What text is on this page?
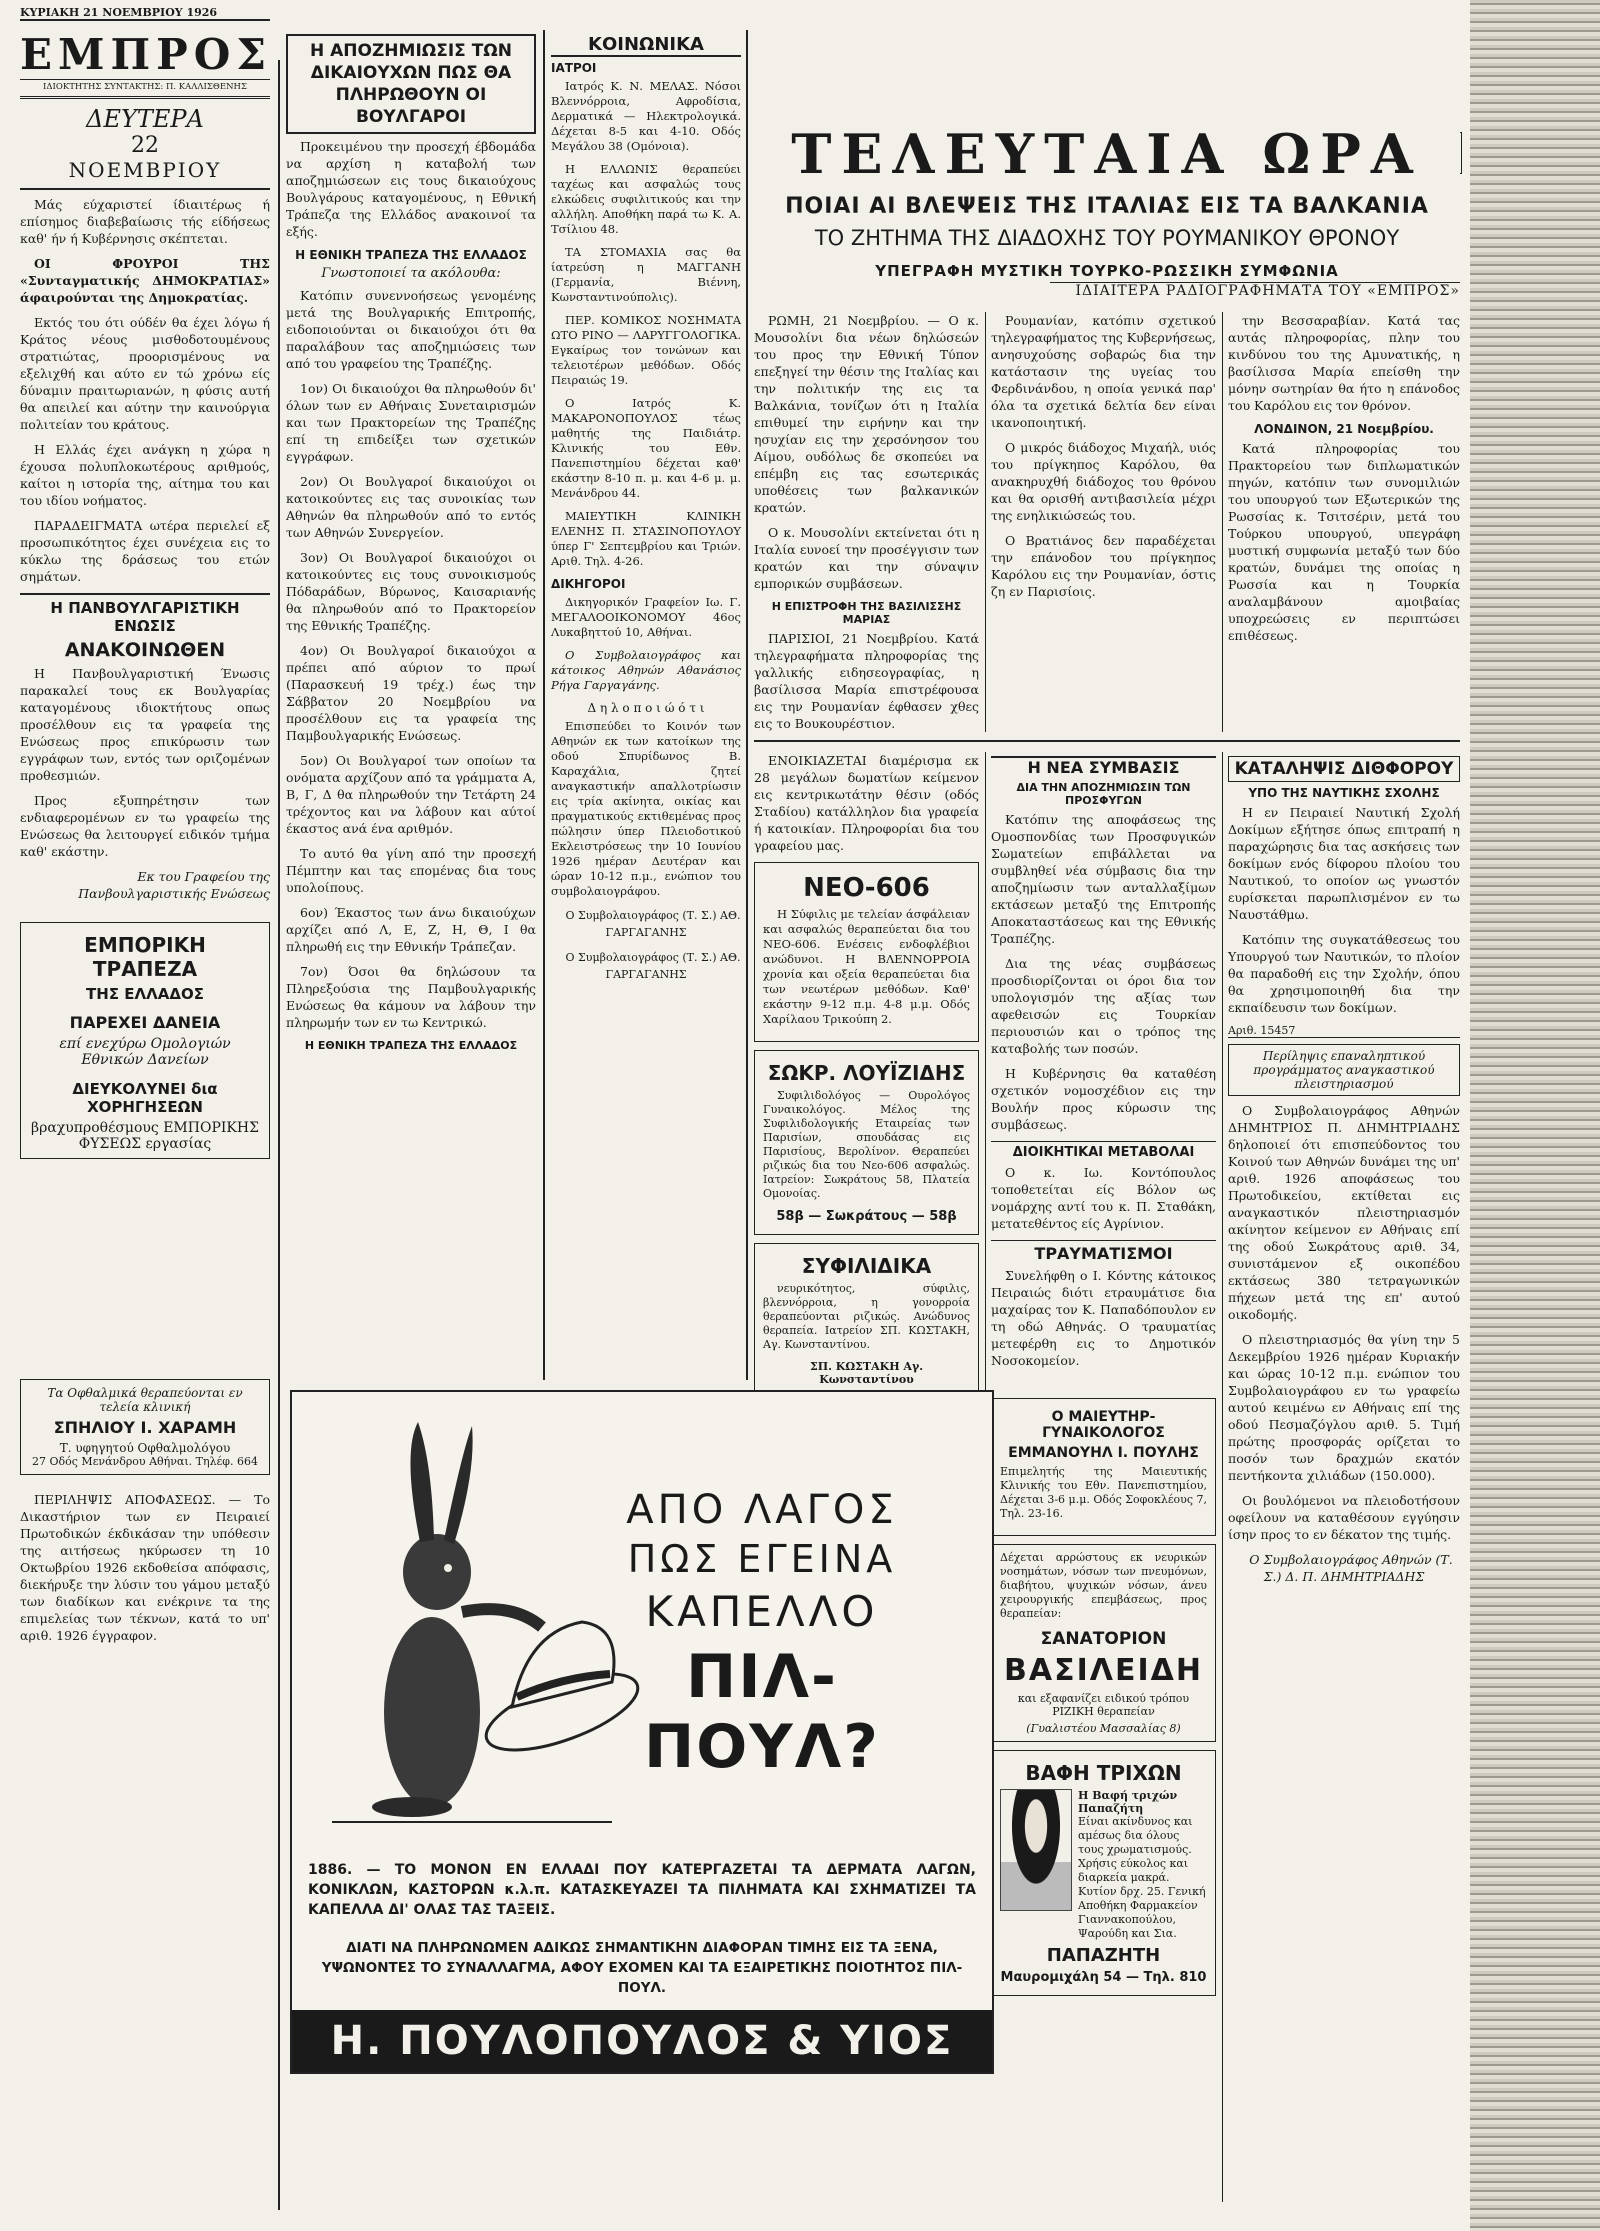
ΚΥΡΙΑΚΗ 21 ΝΟΕΜΒΡΙΟΥ 1926
ΕΜΠΡΟΣ
ΙΔΙΟΚΤΗΤΗΣ ΣΥΝΤΑΚΤΗΣ: Π. ΚΑΛΛΙΣΘΕΝΗΣ
ΔΕΥΤΕΡΑ
22
ΝΟΕΜΒΡΙΟΥ

Μάς εύχαριστεί ίδιαιτέρως ή επίσημος διαβεβαίωσις τής είδήσεως καθ' ήν ή Κυβέρνησις σκέπτεται.

ΟΙ ΦΡΟΥΡΟΙ ΤΗΣ «Συνταγματικής ΔΗΜΟΚΡΑΤΙΑΣ» άφαιρούνται της Δημοκρατίας.

Εκτός του ότι ούδέν θα έχει λόγω ή Κράτος νέους μισθοδοτουμένους στρατιώτας, προορισμένους να εξελιχθή και αύτο εν τώ χρόνω είς δύναμιν πραιτωριανών, η φύσις αυτή θα απειλεί και αύτην την καινούργια πολιτείαν του κράτους.

Η Ελλάς έχει ανάγκη η χώρα η έχουσα πολυπλοκωτέρους αριθμούς, καίτοι η ιστορία της, αίτημα του και του ιδίου νοήματος.

ΠΑΡΑΔΕΙΓΜΑΤΑ ωτέρα περιελεί εξ προσωπικότητος έχει συνέχεια εις το κύκλω της δράσεως του ετών σημάτων.

Η ΠΑΝΒΟΥΛΓΑΡΙΣΤΙΚΗ ΕΝΩΣΙΣ
ΑΝΑΚΟΙΝΩΘΕΝ

Η Πανβουλγαριστική Ένωσις παρακαλεί τους εκ Βουλγαρίας καταγομένους ιδιοκτήτους οπως προσέλθουν εις τα γραφεία της Ενώσεως προς επικύρωσιν των εγγράφων των, εντός των οριζομένων προθεσμιών.

Προς εξυπηρέτησιν των ενδιαφερομένων εν τω γραφείω της Ενώσεως θα λειτουργεί ειδικόν τμήμα καθ' εκάστην.

Εκ του Γραφείου της Πανβουλγαριστικής Ενώσεως

ΕΜΠΟΡΙΚΗ ΤΡΑΠΕΖΑ
ΤΗΣ ΕΛΛΑΔΟΣ
ΠΑΡΕΧΕΙ ΔΑΝΕΙΑ
επί ενεχύρω Ομολογιών Εθνικών Δανείων
ΔΙΕΥΚΟΛΥΝΕΙ δια ΧΟΡΗΓΗΣΕΩΝ
βραχυπροθέσμους ΕΜΠΟΡΙΚΗΣ ΦΥΣΕΩΣ εργασίας
Τα Οφθαλμικά θεραπεύονται εν τελεία κλινική
ΣΠΗΛΙΟΥ Ι. ΧΑΡΑΜΗ
Τ. υφηγητού Οφθαλμολόγου
27 Οδός Μενάνδρου Αθήναι. Τηλέφ. 664

ΠΕΡΙΛΗΨΙΣ ΑΠΟΦΑΣΕΩΣ. — Το Δικαστήριον των εν Πειραιεί Πρωτοδικών έκδικάσαν την υπόθεσιν της αιτήσεως ηκύρωσεν τη 10 Οκτωβρίου 1926 εκδοθείσα απόφασις, διεκήρυξε την λύσιν του γάμου μεταξύ των διαδίκων και ενέκρινε τα της επιμελείας των τέκνων, κατά το υπ' αριθ. 1926 έγγραφον.

Η ΑΠΟΖΗΜΙΩΣΙΣ ΤΩΝ ΔΙΚΑΙΟΥΧΩΝ ΠΩΣ ΘΑ ΠΛΗΡΩΘΟΥΝ ΟΙ ΒΟΥΛΓΑΡΟΙ

Προκειμένου την προσεχή έβδομάδα να αρχίση η καταβολή των αποζημιώσεων εις τους δικαιούχους Βουλγάρους καταγομένους, η Εθνική Τράπεζα της Ελλάδος ανακοινοί τα εξής.

Η ΕΘΝΙΚΗ ΤΡΑΠΕΖΑ ΤΗΣ ΕΛΛΑΔΟΣ
Γνωστοποιεί τα ακόλουθα:

Κατόπιν συνεννοήσεως γενομένης μετά της Βουλγαρικής Επιτροπής, ειδοποιούνται οι δικαιούχοι ότι θα παραλάβουν τας αποζημιώσεις των από του γραφείου της Τραπέζης.

1ον) Οι δικαιούχοι θα πληρωθούν δι' όλων των εν Αθήναις Συνεταιρισμών και των Πρακτορείων της Τραπέζης επί τη επιδείξει των σχετικών εγγράφων.

2ον) Οι Βουλγαροί δικαιούχοι οι κατοικούντες εις τας συνοικίας των Αθηνών θα πληρωθούν από το εντός των Αθηνών Συνεργείον.

3ον) Οι Βουλγαροί δικαιούχοι οι κατοικούντες εις τους συνοικισμούς Πόδαράδων, Βύρωνος, Καισαριανής θα πληρωθούν από το Πρακτορείον της Εθνικής Τραπέζης.

4ον) Οι Βουλγαροί δικαιούχοι α πρέπει από αύριον το πρωί (Παρασκευή 19 τρέχ.) έως την Σάββατον 20 Νοεμβρίου να προσέλθουν εις τα γραφεία της Παμβουλγαρικής Ενώσεως.

5ον) Οι Βουλγαροί των οποίων τα ονόματα αρχίζουν από τα γράμματα Α, Β, Γ, Δ θα πληρωθούν την Τετάρτη 24 τρέχοντος και να λάβουν και αύτοί έκαστος ανά ένα αριθμόν.

Το αυτό θα γίνη από την προσεχή Πέμπτην και τας επομένας δια τους υπολοίπους.

6ον) Έκαστος των άνω δικαιούχων αρχίζει από Λ, Ε, Ζ, Η, Θ, Ι θα πληρωθή εις την Εθνικήν Τράπεζαν.

7ον) Όσοι θα δηλώσουν τα Πληρεξούσια της Παμβουλγαρικής Ενώσεως θα κάμουν να λάβουν την πληρωμήν των εν τω Κεντρικώ.

Η ΕΘΝΙΚΗ ΤΡΑΠΕΖΑ ΤΗΣ ΕΛΛΑΔΟΣ
ΚΟΙΝΩΝΙΚΑ
ΙΑΤΡΟΙ

Ιατρός Κ. Ν. ΜΕΛΑΣ. Νόσοι Βλεννόρροια, Αφροδίσια, Δερματικά — Ηλεκτρολογικά. Δέχεται 8-5 και 4-10. Οδός Μεγάλου 38 (Ομόνοια).

Η ΕΛΛΩΝΙΣ θεραπεύει ταχέως και ασφαλώς τους ελκώδεις συφιλιτικούς και την αλλήλη. Αποθήκη παρά τω Κ. Α. Τσίλιου 48.

ΤΑ ΣΤΟΜΑΧΙΑ σας θα ίατρεύση η ΜΑΓΓΑΝΗ (Γερμανία, Βιέννη, Κωνσταντινούπολις).

ΠΕΡ. ΚΟΜΙΚΟΣ ΝΟΣΗΜΑΤΑ ΩΤΟ ΡΙΝΟ — ΛΑΡΥΓΓΟΛΟΓΙΚΑ. Εγκαίρως τον τονώνων και τελειοτέρων μεθόδων. Οδός Πειραιώς 19.

Ο Ιατρός Κ. ΜΑΚΑΡΟΝΟΠΟΥΛΟΣ τέως μαθητής της Παιδιάτρ. Κλινικής του Εθν. Πανεπιστημίου δέχεται καθ' εκάστην 8-10 π. μ. και 4-6 μ. μ. Μενάνδρου 44.

ΜΑΙΕΥΤΙΚΗ ΚΛΙΝΙΚΗ ΕΛΕΝΗΣ Π. ΣΤΑΣΙΝΟΠΟΥΛΟΥ ύπερ Γ' Σεπτεμβρίου και Τριών. Αριθ. Τηλ. 4-26.

ΔΙΚΗΓΟΡΟΙ

Δικηγορικόν Γραφείον Ιω. Γ. ΜΕΓΑΛΟΟΙΚΟΝΟΜΟΥ 46ος Λυκαβηττού 10, Αθήναι.

Ο Συμβολαιογράφος και κάτοικος Αθηνών Αθανάσιος Ρήγα Γαργαγάνης.

Δ η λ ο π ο ι ώ ό τ ι

Επισπεύδει το Κοινόν των Αθηνών εκ των κατοίκων της οδού Σπυρίδωνος Β. Καραχάλια, ζητεί αναγκαστικήν απαλλοτρίωσιν εις τρία ακίνητα, οικίας και πραγματικούς εκτιθεμένας προς πώλησιν ύπερ Πλειοδοτικού Εκλειστρόσεως την 10 Ιουνίου 1926 ημέραν Δευτέραν και ώραν 10-12 π.μ., ενώπιον του συμβολαιογράφου.

Ο Συμβολαιογράφος (Τ. Σ.) ΑΘ. ΓΑΡΓΑΓΑΝΗΣ

Ο Συμβολαιογράφος (Τ. Σ.) ΑΘ. ΓΑΡΓΑΓΑΝΗΣ

ΤΕΛΕΥΤΑΙΑ ΩΡΑ
ΠΟΙΑΙ ΑΙ ΒΛΕΨΕΙΣ ΤΗΣ ΙΤΑΛΙΑΣ ΕΙΣ ΤΑ ΒΑΛΚΑΝΙΑ
ΤΟ ΖΗΤΗΜΑ ΤΗΣ ΔΙΑΔΟΧΗΣ ΤΟΥ ΡΟΥΜΑΝΙΚΟΥ ΘΡΟΝΟΥ
ΥΠΕΓΡΑΦΗ ΜΥΣΤΙΚΗ ΤΟΥΡΚΟ-ΡΩΣΣΙΚΗ ΣΥΜΦΩΝΙΑ
ΙΔΙΑΙΤΕΡΑ ΡΑΔΙΟΓΡΑΦΗΜΑΤΑ ΤΟΥ «ΕΜΠΡΟΣ»

ΡΩΜΗ, 21 Νοεμβρίου. — Ο κ. Μουσολίνι δια νέων δηλώσεών του προς την Εθνική Τύπον επεξηγεί την θέσιν της Ιταλίας και την πολιτικήν της εις τα Βαλκάνια, τονίζων ότι η Ιταλία επιθυμεί την ειρήνην και την ησυχίαν εις την χερσόνησον του Αίμου, ουδόλως δε σκοπεύει να επέμβη εις τας εσωτερικάς υποθέσεις των βαλκανικών κρατών.

Ο κ. Μουσολίνι εκτείνεται ότι η Ιταλία ευνοεί την προσέγγισιν των κρατών και την σύναψιν εμπορικών συμβάσεων.

Η ΕΠΙΣΤΡΟΦΗ ΤΗΣ ΒΑΣΙΛΙΣΣΗΣ ΜΑΡΙΑΣ

ΠΑΡΙΣΙΟΙ, 21 Νοεμβρίου. Κατά τηλεγραφήματα πληροφορίας της γαλλικής ειδησεογραφίας, η βασίλισσα Μαρία επιστρέφουσα εις την Ρουμανίαν έφθασεν χθες εις το Βουκουρέστιον.

Ρουμανίαν, κατόπιν σχετικού τηλεγραφήματος της Κυβερνήσεως, ανησυχούσης σοβαρώς δια την κατάστασιν της υγείας του Φερδινάνδου, η οποία γενικά παρ' όλα τα σχετικά δελτία δεν είναι ικανοποιητική.

Ο μικρός διάδοχος Μιχαήλ, υιός του πρίγκηπος Καρόλου, θα ανακηρυχθή διάδοχος του θρόνου και θα ορισθή αντιβασιλεία μέχρι της ενηλικιώσεώς του.

Ο Βρατιάνος δεν παραδέχεται την επάνοδον του πρίγκηπος Καρόλου εις την Ρουμανίαν, όστις ζη εν Παρισίοις.

την Βεσσαραβίαν. Κατά τας αυτάς πληροφορίας, πλην του κινδύνου του της Αμυνατικής, η βασίλισσα Μαρία επείσθη την μόνην σωτηρίαν θα ήτο η επάνοδος του Καρόλου εις τον θρόνον.

ΛΟΝΔΙΝΟΝ, 21 Νοεμβρίου.

Κατά πληροφορίας του Πρακτορείου των διπλωματικών πηγών, κατόπιν των συνομιλιών του υπουργού των Εξωτερικών της Ρωσσίας κ. Τσιτσέριν, μετά του Τούρκου υπουργού, υπεγράφη μυστική συμφωνία μεταξύ των δύο κρατών, δυνάμει της οποίας η Ρωσσία και η Τουρκία αναλαμβάνουν αμοιβαίας υποχρεώσεις εν περιπτώσει επιθέσεως.

ΕΝΟΙΚΙΑΖΕΤΑΙ διαμέρισμα εκ 28 μεγάλων δωματίων κείμενον εις κεντρικωτάτην θέσιν (οδός Σταδίου) κατάλληλον δια γραφεία ή κατοικίαν. Πληροφορίαι δια του γραφείου μας.

ΝΕΟ-606

Η Σύφιλις με τελείαν άσφάλειαν και ασφαλώς θεραπεύεται δια του ΝΕΟ-606. Ενέσεις ενδοφλέβιοι ανώδυνοι. Η ΒΛΕΝΝΟΡΡΟΙΑ χρονία και οξεία θεραπεύεται δια των νεωτέρων μεθόδων. Καθ' εκάστην 9-12 π.μ. 4-8 μ.μ. Οδός Χαρίλαου Τρικούπη 2.

ΣΩΚΡ. ΛΟΥΪΖΙΔΗΣ

Συφιλιδολόγος — Ουρολόγος Γυναικολόγος. Μέλος της Συφιλιδολογικής Εταιρείας των Παρισίων, σπουδάσας εις Παρισίους, Βερολίνον. Θεραπεύει ριζικώς δια του Νεο-606 ασφαλώς. Ιατρείον: Σωκράτους 58, Πλατεία Ομονοίας.

58β — Σωκράτους — 58β
ΣΥΦΙΛΙΔΙΚΑ

νευρικότητος, σύφιλις, βλεννόρροια, η γονορροία θεραπεύονται ριζικώς. Ανώδυνος θεραπεία. Ιατρείον ΣΠ. ΚΩΣΤΑΚΗ, Αγ. Κωνσταντίνου.

ΣΠ. ΚΩΣΤΑΚΗ Αγ. Κωνσταντίνου
Η ΝΕΑ ΣΥΜΒΑΣΙΣ
ΔΙΑ ΤΗΝ ΑΠΟΖΗΜΙΩΣΙΝ ΤΩΝ ΠΡΟΣΦΥΓΩΝ

Κατόπιν της αποφάσεως της Ομοσπονδίας των Προσφυγικών Σωματείων επιβάλλεται να συμβληθεί νέα σύμβασις δια την αποζημίωσιν των ανταλλαξίμων εκτάσεων μεταξύ της Επιτροπής Αποκαταστάσεως και της Εθνικής Τραπέζης.

Δια της νέας συμβάσεως προσδιορίζονται οι όροι δια τον υπολογισμόν της αξίας των αφεθεισών εις Τουρκίαν περιουσιών και ο τρόπος της καταβολής των ποσών.

Η Κυβέρνησις θα καταθέση σχετικόν νομοσχέδιον εις την Βουλήν προς κύρωσιν της συμβάσεως.

ΔΙΟΙΚΗΤΙΚΑΙ ΜΕΤΑΒΟΛΑΙ

Ο κ. Ιω. Κοντόπουλος τοποθετείται είς Βόλον ως νομάρχης αντί του κ. Π. Σταθάκη, μετατεθέντος είς Αγρίνιον.

ΤΡΑΥΜΑΤΙΣΜΟΙ

Συνελήφθη ο Ι. Κόντης κάτοικος Πειραιώς διότι ετραυμάτισε δια μαχαίρας τον Κ. Παπαδόπουλον εν τη οδώ Αθηνάς. Ο τραυματίας μετεφέρθη εις το Δημοτικόν Νοσοκομείον.

Ο ΜΑΙΕΥΤΗΡ-ΓΥΝΑΙΚΟΛΟΓΟΣ
ΕΜΜΑΝΟΥΗΛ Ι. ΠΟΥΛΗΣ

Επιμελητής της Μαιευτικής Κλινικής του Εθν. Πανεπιστημίου, Δέχεται 3-6 μ.μ. Οδός Σοφοκλέους 7, Τηλ. 23-16.

Δέχεται αρρώστους εκ νευρικών νοσημάτων, νόσων των πνευμόνων, διαβήτου, ψυχικών νόσων, άνευ χειρουργικής επεμβάσεως, προς θεραπείαν:

ΣΑΝΑΤΟΡΙΟΝ
ΒΑΣΙΛΕΙΔΗ
και εξαφανίζει ειδικού τρόπου ΡΙΖΙΚΗ θεραπείαν
(Γυαλιστέου Μασσαλίας 8)
ΒΑΦΗ ΤΡΙΧΩΝ
Η Βαφή τριχών Παπαζήτη
Είναι ακίνδυνος και αμέσως δια όλους τους χρωματισμούς. Χρήσις εύκολος και διαρκεία μακρά. Κυτίον δρχ. 25. Γενική Αποθήκη Φαρμακείον Γιαννακοπούλου, Ψαρούδη και Σια.
ΠΑΠΑΖΗΤΗ
Μαυρομιχάλη 54 — Τηλ. 810
ΚΑΤΑΛΗΨΙΣ ΔΙΘΦΟΡΟΥ
ΥΠΟ ΤΗΣ ΝΑΥΤΙΚΗΣ ΣΧΟΛΗΣ

Η εν Πειραιεί Ναυτική Σχολή Δοκίμων εξήτησε όπως επιτραπή η παραχώρησις δια τας ασκήσεις των δοκίμων ενός δίφορου πλοίου του Ναυτικού, το οποίον ως γνωστόν ευρίσκεται παρωπλισμένον εν τω Ναυστάθμω.

Κατόπιν της συγκατάθεσεως του Υπουργού των Ναυτικών, το πλοίον θα παραδοθή εις την Σχολήν, όπου θα χρησιμοποιηθή δια την εκπαίδευσιν των δοκίμων.

Αριθ. 15457
Περίληψις επαναληπτικού προγράμματος αναγκαστικού πλειστηριασμού

Ο Συμβολαιογράφος Αθηνών ΔΗΜΗΤΡΙΟΣ Π. ΔΗΜΗΤΡΙΑΔΗΣ δηλοποιεί ότι επισπεύδοντος του Κοινού των Αθηνών δυνάμει της υπ' αριθ. 1926 αποφάσεως του Πρωτοδικείου, εκτίθεται εις αναγκαστικόν πλειστηριασμόν ακίνητον κείμενον εν Αθήναις επί της οδού Σωκράτους αριθ. 34, συνιστάμενον εξ οικοπέδου εκτάσεως 380 τετραγωνικών πήχεων μετά της επ' αυτού οικοδομής.

Ο πλειστηριασμός θα γίνη την 5 Δεκεμβρίου 1926 ημέραν Κυριακήν και ώρας 10-12 π.μ. ενώπιον του Συμβολαιογράφου εν τω γραφείω αυτού κειμένω εν Αθήναις επί της οδού Πεσμαζόγλου αριθ. 5. Τιμή πρώτης προσφοράς ορίζεται το ποσόν των δραχμών εκατόν πεντήκοντα χιλιάδων (150.000).

Οι βουλόμενοι να πλειοδοτήσουν οφείλουν να καταθέσουν εγγύησιν ίσην προς το εν δέκατον της τιμής.

Ο Συμβολαιογράφος Αθηνών (Τ. Σ.) Δ. Π. ΔΗΜΗΤΡΙΑΔΗΣ

ΑΠΟ ΛΑΓΟΣ
ΠΩΣ ΕΓΕΙΝΑ
ΚΑΠΕΛΛΟ
ΠΙΛ-ΠΟΥΛ?
1886. — ΤΟ ΜΟΝΟΝ ΕΝ ΕΛΛΑΔΙ ΠΟΥ ΚΑΤΕΡΓΑΖΕΤΑΙ ΤΑ ΔΕΡΜΑΤΑ ΛΑΓΩΝ, ΚΟΝΙΚΛΩΝ, ΚΑΣΤΟΡΩΝ κ.λ.π. ΚΑΤΑΣΚΕΥΑΖΕΙ ΤΑ ΠΙΛΗΜΑΤΑ ΚΑΙ ΣΧΗΜΑΤΙΖΕΙ ΤΑ ΚΑΠΕΛΛΑ ΔΙ' ΟΛΑΣ ΤΑΣ ΤΑΞΕΙΣ.
ΔΙΑΤΙ ΝΑ ΠΛΗΡΩΝΩΜΕΝ ΑΔΙΚΩΣ ΣΗΜΑΝΤΙΚΗΝ ΔΙΑΦΟΡΑΝ ΤΙΜΗΣ ΕΙΣ ΤΑ ΞΕΝΑ, ΥΨΩΝΟΝΤΕΣ ΤΟ ΣΥΝΑΛΛΑΓΜΑ, ΑΦΟΥ ΕΧΟΜΕΝ ΚΑΙ ΤΑ ΕΞΑΙΡΕΤΙΚΗΣ ΠΟΙΟΤΗΤΟΣ ΠΙΛ-ΠΟΥΛ.
Η. ΠΟΥΛΟΠΟΥΛΟΣ & ΥΙΟΣ
